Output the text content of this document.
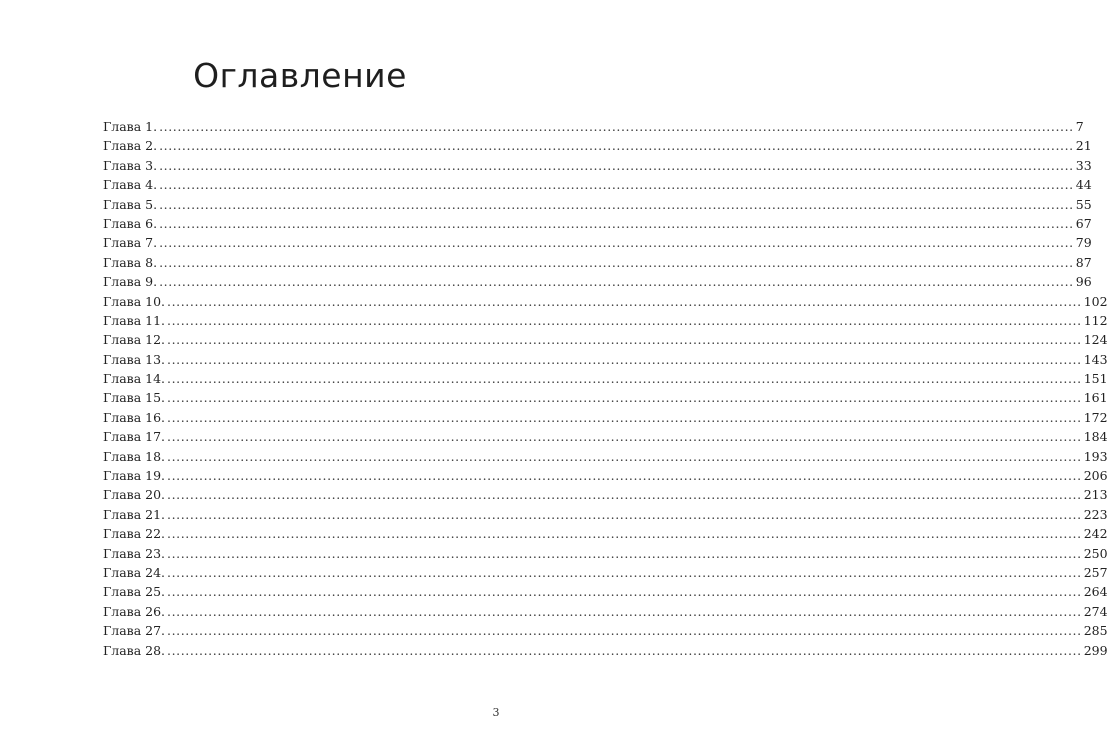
Оглавление
Глава 1. ........................................................................................................................................................................................................ 7
Глава 2. ........................................................................................................................................................................................................ 21
Глава 3. ........................................................................................................................................................................................................ 33
Глава 4. ........................................................................................................................................................................................................ 44
Глава 5. ........................................................................................................................................................................................................ 55
Глава 6. ........................................................................................................................................................................................................ 67
Глава 7. ........................................................................................................................................................................................................ 79
Глава 8. ........................................................................................................................................................................................................ 87
Глава 9. ........................................................................................................................................................................................................ 96
Глава 10. ........................................................................................................................................................................................................ 102
Глава 11. ........................................................................................................................................................................................................ 112
Глава 12. ........................................................................................................................................................................................................ 124
Глава 13. ........................................................................................................................................................................................................ 143
Глава 14. ........................................................................................................................................................................................................ 151
Глава 15. ........................................................................................................................................................................................................ 161
Глава 16. ........................................................................................................................................................................................................ 172
Глава 17. ........................................................................................................................................................................................................ 184
Глава 18. ........................................................................................................................................................................................................ 193
Глава 19. ........................................................................................................................................................................................................ 206
Глава 20. ........................................................................................................................................................................................................ 213
Глава 21. ........................................................................................................................................................................................................ 223
Глава 22. ........................................................................................................................................................................................................ 242
Глава 23. ........................................................................................................................................................................................................ 250
Глава 24. ........................................................................................................................................................................................................ 257
Глава 25. ........................................................................................................................................................................................................ 264
Глава 26. ........................................................................................................................................................................................................ 274
Глава 27. ........................................................................................................................................................................................................ 285
Глава 28. ........................................................................................................................................................................................................ 299
3
